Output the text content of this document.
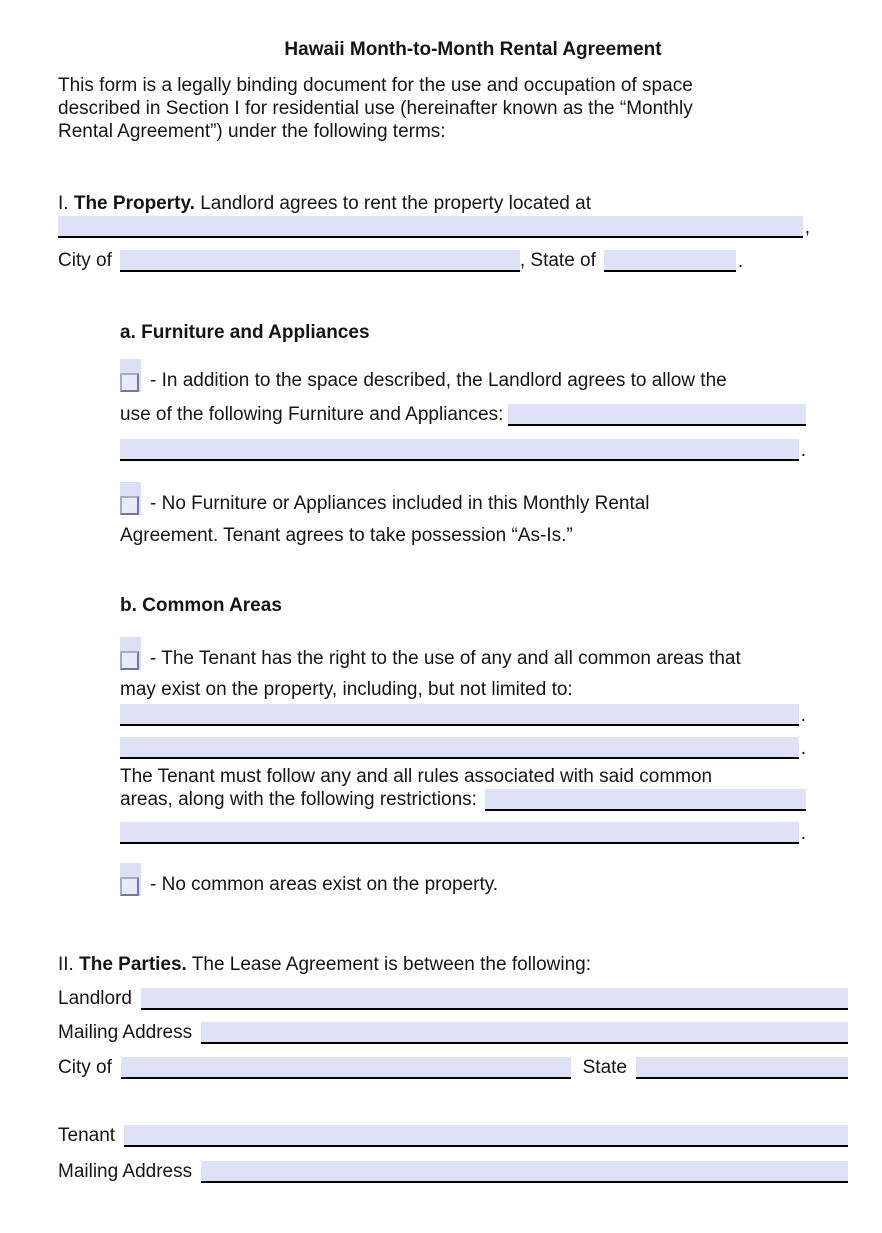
Hawaii Month-to-Month Rental Agreement
This form is a legally binding document for the use and occupation of space
described in Section I for residential use (hereinafter known as the “Monthly
Rental Agreement”) under the following terms:
I. The Property. Landlord agrees to rent the property located at
,
City of	, State of	.
a. Furniture and Appliances
- In addition to the space described, the Landlord agrees to allow the
use of the following Furniture and Appliances:
.
- No Furniture or Appliances included in this Monthly Rental
Agreement. Tenant agrees to take possession “As-Is.”
b. Common Areas
- The Tenant has the right to the use of any and all common areas that
may exist on the property, including, but not limited to:
.
.
The Tenant must follow any and all rules associated with said common
areas, along with the following restrictions:
.
- No common areas exist on the property.
II. The Parties. The Lease Agreement is between the following:
Landlord
Mailing Address
City of	State
Tenant
Mailing Address
